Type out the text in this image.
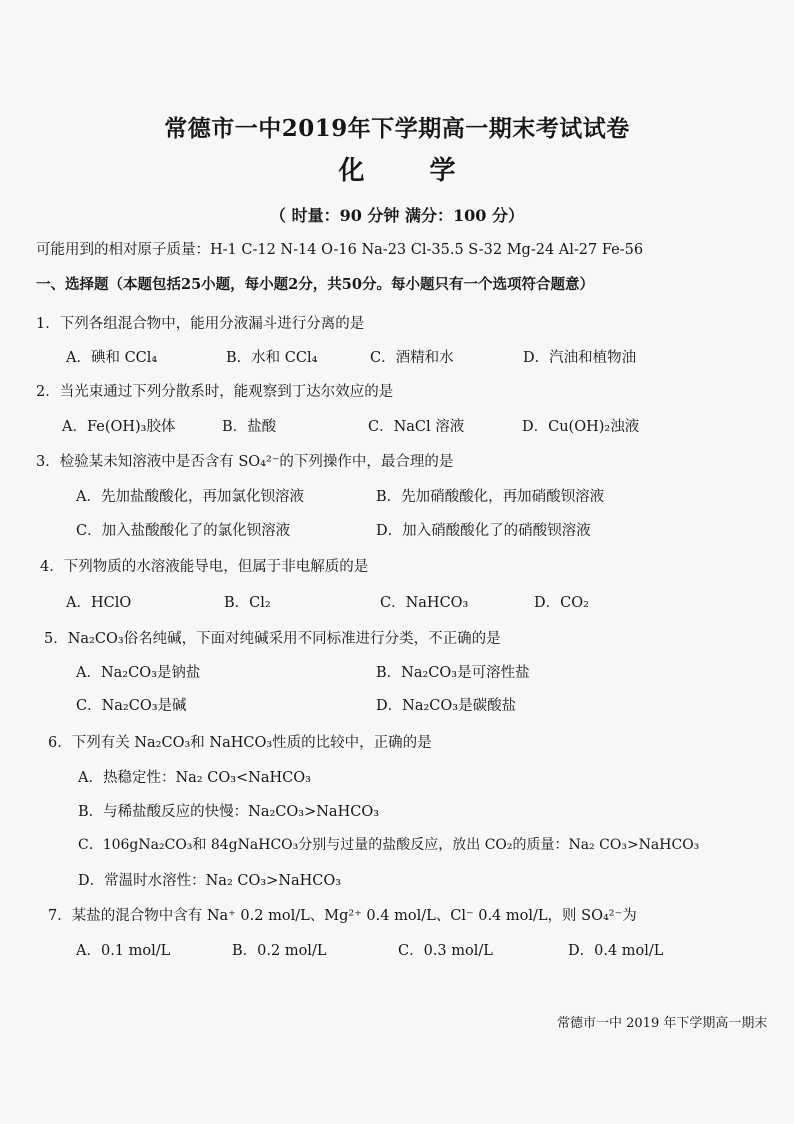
常德市一中2019年下学期高一期末考试试卷
化 学
（ 时量：90 分钟 满分：100 分）
可能用到的相对原子质量：H-1 C-12 N-14 O-16 Na-23 Cl-35.5 S-32 Mg-24 Al-27 Fe-56
一、选择题（本题包括25小题，每小题2分，共50分。每小题只有一个选项符合题意）
1．下列各组混合物中，能用分液漏斗进行分离的是
A．碘和 CCl₄	B．水和 CCl₄	C．酒精和水	D．汽油和植物油
2．当光束通过下列分散系时，能观察到丁达尔效应的是
A．Fe(OH)₃胶体	B．盐酸	C．NaCl 溶液	D．Cu(OH)₂浊液
3．检验某未知溶液中是否含有 SO₄²⁻的下列操作中，最合理的是
A．先加盐酸酸化，再加氯化钡溶液	B．先加硝酸酸化，再加硝酸钡溶液
C．加入盐酸酸化了的氯化钡溶液	D．加入硝酸酸化了的硝酸钡溶液
4．下列物质的水溶液能导电，但属于非电解质的是
A．HClO	B．Cl₂	C．NaHCO₃	D．CO₂
5．Na₂CO₃俗名纯碱，下面对纯碱采用不同标准进行分类，不正确的是
A．Na₂CO₃是钠盐	B．Na₂CO₃是可溶性盐
C．Na₂CO₃是碱	D．Na₂CO₃是碳酸盐
6．下列有关 Na₂CO₃和 NaHCO₃性质的比较中，正确的是
A．热稳定性：Na₂ CO₃<NaHCO₃
B．与稀盐酸反应的快慢：Na₂CO₃>NaHCO₃
C．106gNa₂CO₃和 84gNaHCO₃分别与过量的盐酸反应，放出 CO₂的质量：Na₂ CO₃>NaHCO₃
D．常温时水溶性：Na₂ CO₃>NaHCO₃
7．某盐的混合物中含有 Na⁺ 0.2 mol/L、Mg²⁺ 0.4 mol/L、Cl⁻ 0.4 mol/L，则 SO₄²⁻为
A．0.1 mol/L	B．0.2 mol/L	C．0.3 mol/L	D．0.4 mol/L
常德市一中 2019 年下学期高一期末
